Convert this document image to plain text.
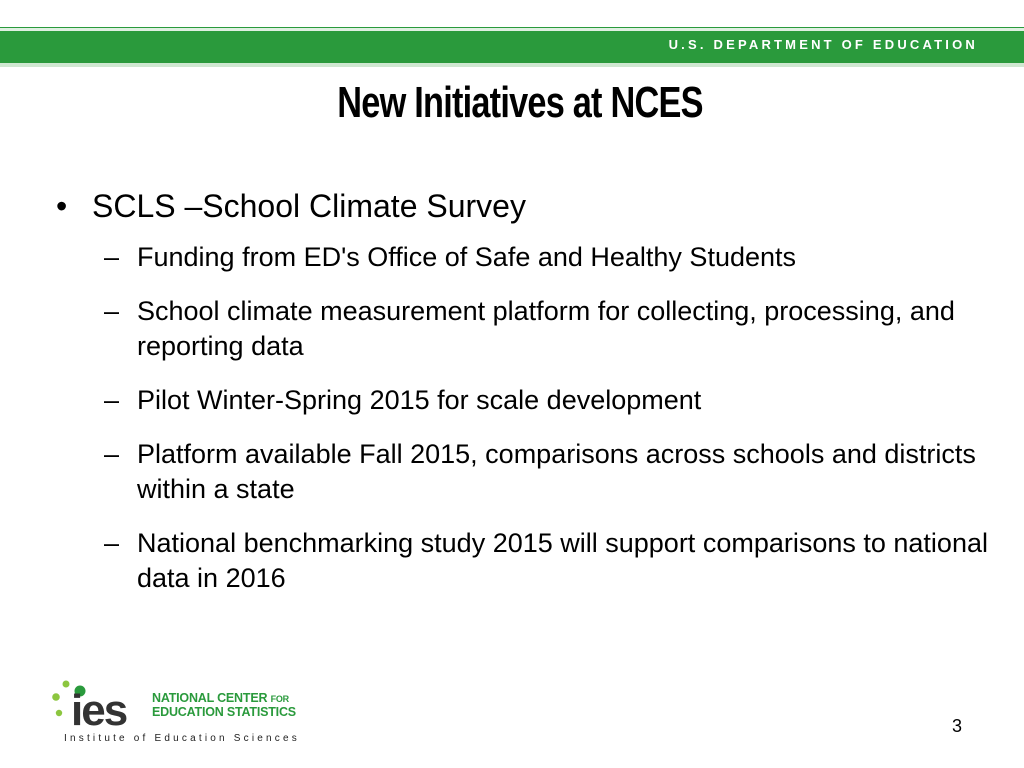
U.S. DEPARTMENT OF EDUCATION
New Initiatives at NCES
• SCLS –School Climate Survey
– Funding from ED's Office of Safe and Healthy Students
– School climate measurement platform for collecting, processing, and reporting data
– Pilot Winter-Spring 2015 for scale development
– Platform available Fall 2015, comparisons across schools and districts within a state
– National benchmarking study 2015 will support comparisons to national data in 2016
ies NATIONAL CENTER FOR
EDUCATION STATISTICS
Institute of Education Sciences
3
